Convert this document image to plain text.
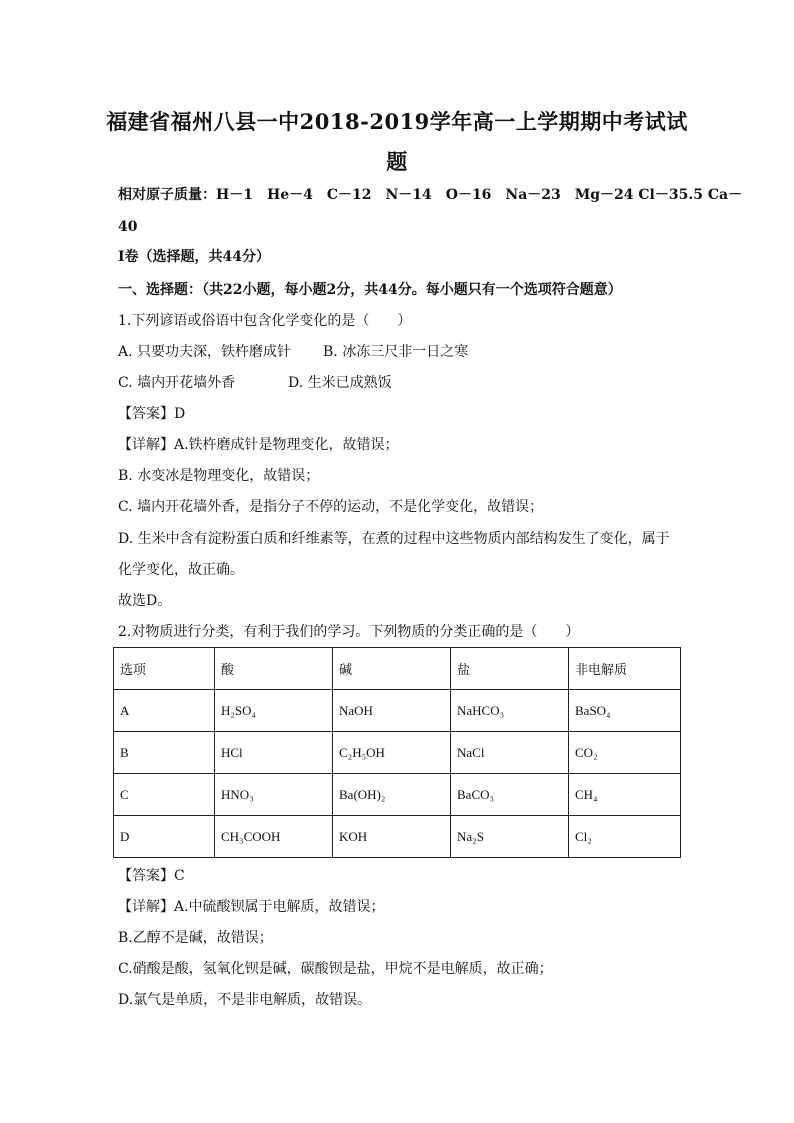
福建省福州八县一中2018-2019学年高一上学期期中考试试
题
相对原子质量：H－1　He－4　C－12　N－14　O－16　Na－23　Mg－24 Cl－35.5 Ca－
40
Ⅰ卷（选择题，共44分）
一、选择题：（共22小题，每小题2分，共44分。每小题只有一个选项符合题意）
1.下列谚语或俗语中包含化学变化的是（　　）
A. 只要功夫深，铁杵磨成针 B. 冰冻三尺非一日之寒
C. 墙内开花墙外香	D. 生米已成熟饭
【答案】D
【详解】A.铁杵磨成针是物理变化，故错误；
B. 水变冰是物理变化，故错误；
C. 墙内开花墙外香，是指分子不停的运动，不是化学变化，故错误；
D. 生米中含有淀粉蛋白质和纤维素等，在煮的过程中这些物质内部结构发生了变化，属于
化学变化，故正确。
故选D。
2.对物质进行分类，有利于我们的学习。下列物质的分类正确的是（　　）
选项	酸	碱	盐	非电解质
A	H₂SO₄	NaOH	NaHCO₃	BaSO₄
B	HCl	C₂H₅OH	NaCl	CO₂
C	HNO₃	Ba(OH)₂	BaCO₃	CH₄
D	CH₃COOH	KOH	Na₂S	Cl₂
【答案】C
【详解】A.中硫酸钡属于电解质，故错误；
B.乙醇不是碱，故错误；
C.硝酸是酸，氢氧化钡是碱，碳酸钡是盐，甲烷不是电解质，故正确；
D.氯气是单质，不是非电解质，故错误。
